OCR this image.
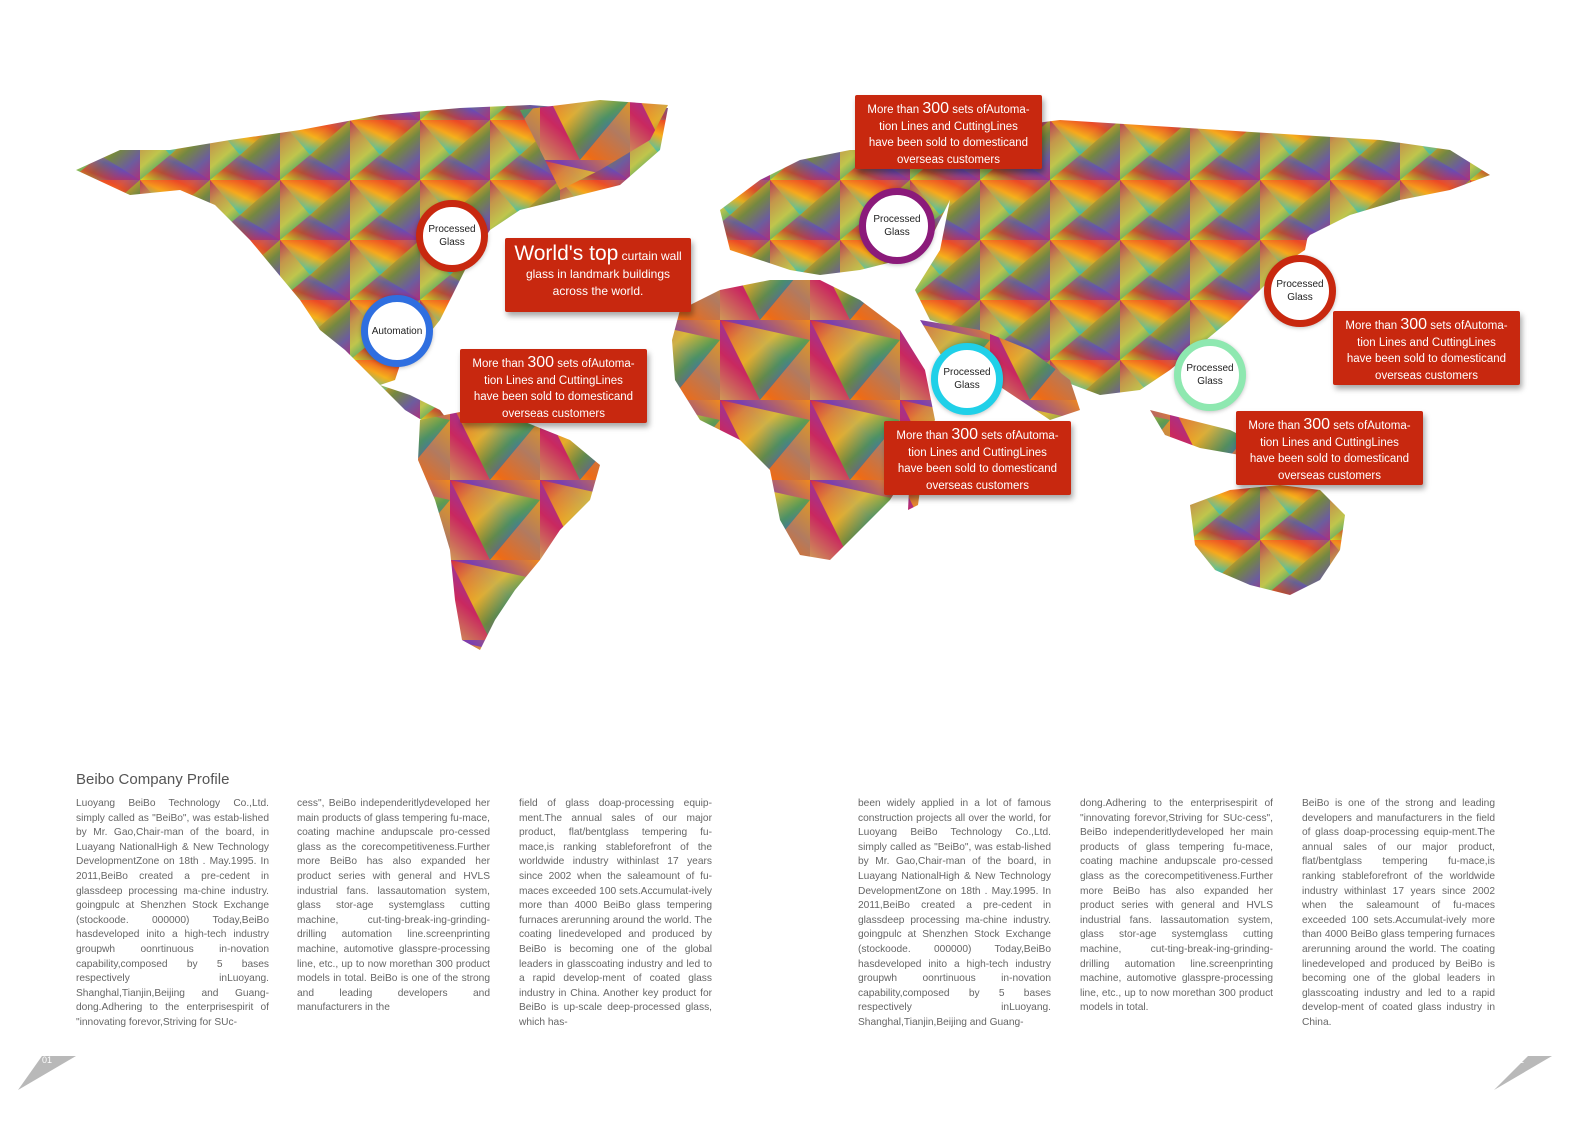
Processed
Glass
Automation
Processed
Glass
Processed
Glass
Processed
Glass
Processed
Glass
World's top curtain wall
glass in landmark buildings
across the world.
More than 300 sets ofAutoma-
tion Lines and CuttingLines
have been sold to domesticand
overseas customers
More than 300 sets ofAutoma-
tion Lines and CuttingLines
have been sold to domesticand
overseas customers
More than 300 sets ofAutoma-
tion Lines and CuttingLines
have been sold to domesticand
overseas customers
More than 300 sets ofAutoma-
tion Lines and CuttingLines
have been sold to domesticand
overseas customers
More than 300 sets ofAutoma-
tion Lines and CuttingLines
have been sold to domesticand
overseas customers
Beibo Company Profile
Luoyang BeiBo Technology Co.,Ltd. simply called as "BeiBo", was estab-lished by Mr. Gao,Chair-man of the board, in Luayang NationalHigh & New Technology DevelopmentZone on 18th . May.1995. In 2011,BeiBo created a pre-cedent in glassdeep processing ma-chine industry. goingpulc at Shenzhen Stock Exchange (stockoode. 000000) Today,BeiBo hasdeveloped inito a high-tech industry groupwh oonrtinuous in-novation capability,composed by 5 bases respectively inLuoyang. Shanghal,Tianjin,Beijing and Guang-dong.Adhering to the enterprisespirit of "innovating forevor,Striving for SUc-
cess", BeiBo independeritlydeveloped her main products of glass tempering fu-mace, coating machine andupscale pro-cessed glass as the corecompetitiveness.Further more BeiBo has also expanded her product series with general and HVLS industrial fans. lassautomation system, glass stor-age systemglass cutting machine, cut-ting-break-ing-grinding-drilling automation line.screenprinting machine, automotive glasspre-processing line, etc., up to now morethan 300 product models in total. BeiBo is one of the strong and leading developers and manufacturers in the
field of glass doap-processing equip-ment.The annual sales of our major product, flat/bentglass tempering fu-mace,is ranking stableforefront of the worldwide industry withinlast 17 years since 2002 when the saleamount of fu-maces exceeded 100 sets.Accumulat-ively more than 4000 BeiBo glass tempering furnaces arerunning around the world. The coating linedeveloped and produced by BeiBo is becoming one of the global leaders in glasscoating industry and led to a rapid develop-ment of coated glass industry in China. Another key product for BeiBo is up-scale deep-processed glass, which has-
been widely applied in a lot of famous construction projects all over the world, for Luoyang BeiBo Technology Co.,Ltd. simply called as "BeiBo", was estab-lished by Mr. Gao,Chair-man of the board, in Luayang NationalHigh & New Technology DevelopmentZone on 18th . May.1995. In 2011,BeiBo created a pre-cedent in glassdeep processing ma-chine industry. goingpulc at Shenzhen Stock Exchange (stockoode. 000000) Today,BeiBo hasdeveloped inito a high-tech industry groupwh oonrtinuous in-novation capability,composed by 5 bases respectively inLuoyang. Shanghal,Tianjin,Beijing and Guang-
dong.Adhering to the enterprisespirit of "innovating forevor,Striving for SUc-cess", BeiBo independeritlydeveloped her main products of glass tempering fu-mace, coating machine andupscale pro-cessed glass as the corecompetitiveness.Further more BeiBo has also expanded her product series with general and HVLS industrial fans. lassautomation system, glass stor-age systemglass cutting machine, cut-ting-break-ing-grinding-drilling automation line.screenprinting machine, automotive glasspre-processing line, etc., up to now morethan 300 product models in total.
BeiBo is one of the strong and leading developers and manufacturers in the field of glass doap-processing equip-ment.The annual sales of our major product, flat/bentglass tempering fu-mace,is ranking stableforefront of the worldwide industry withinlast 17 years since 2002 when the saleamount of fu-maces exceeded 100 sets.Accumulat-ively more than 4000 BeiBo glass tempering furnaces arerunning around the world. The coating linedeveloped and produced by BeiBo is becoming one of the global leaders in glasscoating industry and led to a rapid develop-ment of coated glass industry in China.
01	02
